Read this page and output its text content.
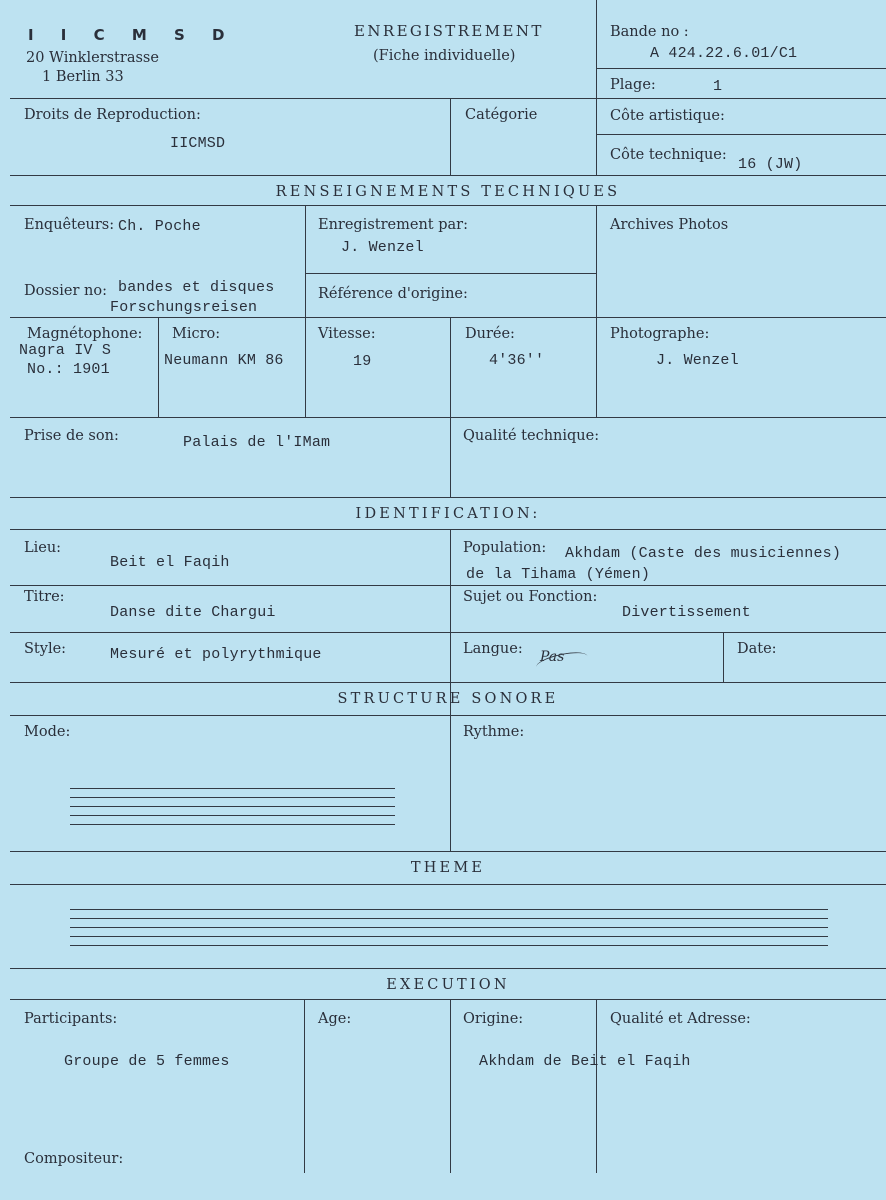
I I C M S D
20 Winklerstrasse
1 Berlin 33
ENREGISTREMENT
(Fiche individuelle)
Bande no :
A 424.22.6.01/C1
Plage:	1
Droits de Reproduction:
IICMSD
Catégorie	Côte artistique:
Côte technique:
16 (JW)
RENSEIGNEMENTS TECHNIQUES
Enquêteurs: Ch. Poche	Enregistrement par:
J. Wenzel
Archives Photos
Dossier no: bandes et disques
Forschungsreisen
Référence d'origine:
Magnétophone:
Nagra IV S
No.: 1901
Micro:
Neumann KM 86
Vitesse:
19
Durée:
4'36''
Photographe:
J. Wenzel
Prise de son:	Palais de l'IMam	Qualité technique:
IDENTIFICATION:
Lieu:
Beit el Faqih
Population: Akhdam (Caste des musiciennes)
de la Tihama (Yémen)
Titre:
Danse dite Chargui
Sujet ou Fonction:
Divertissement
Style:	Mesuré et polyrythmique	Langue: Pas	Date:
STRUCTURE SONORE
Mode:	Rythme:
THEME
EXECUTION
Participants:
Groupe de 5 femmes
Age:	Origine:
Akhdam de Beit el Faqih
Qualité et Adresse:
Compositeur:
